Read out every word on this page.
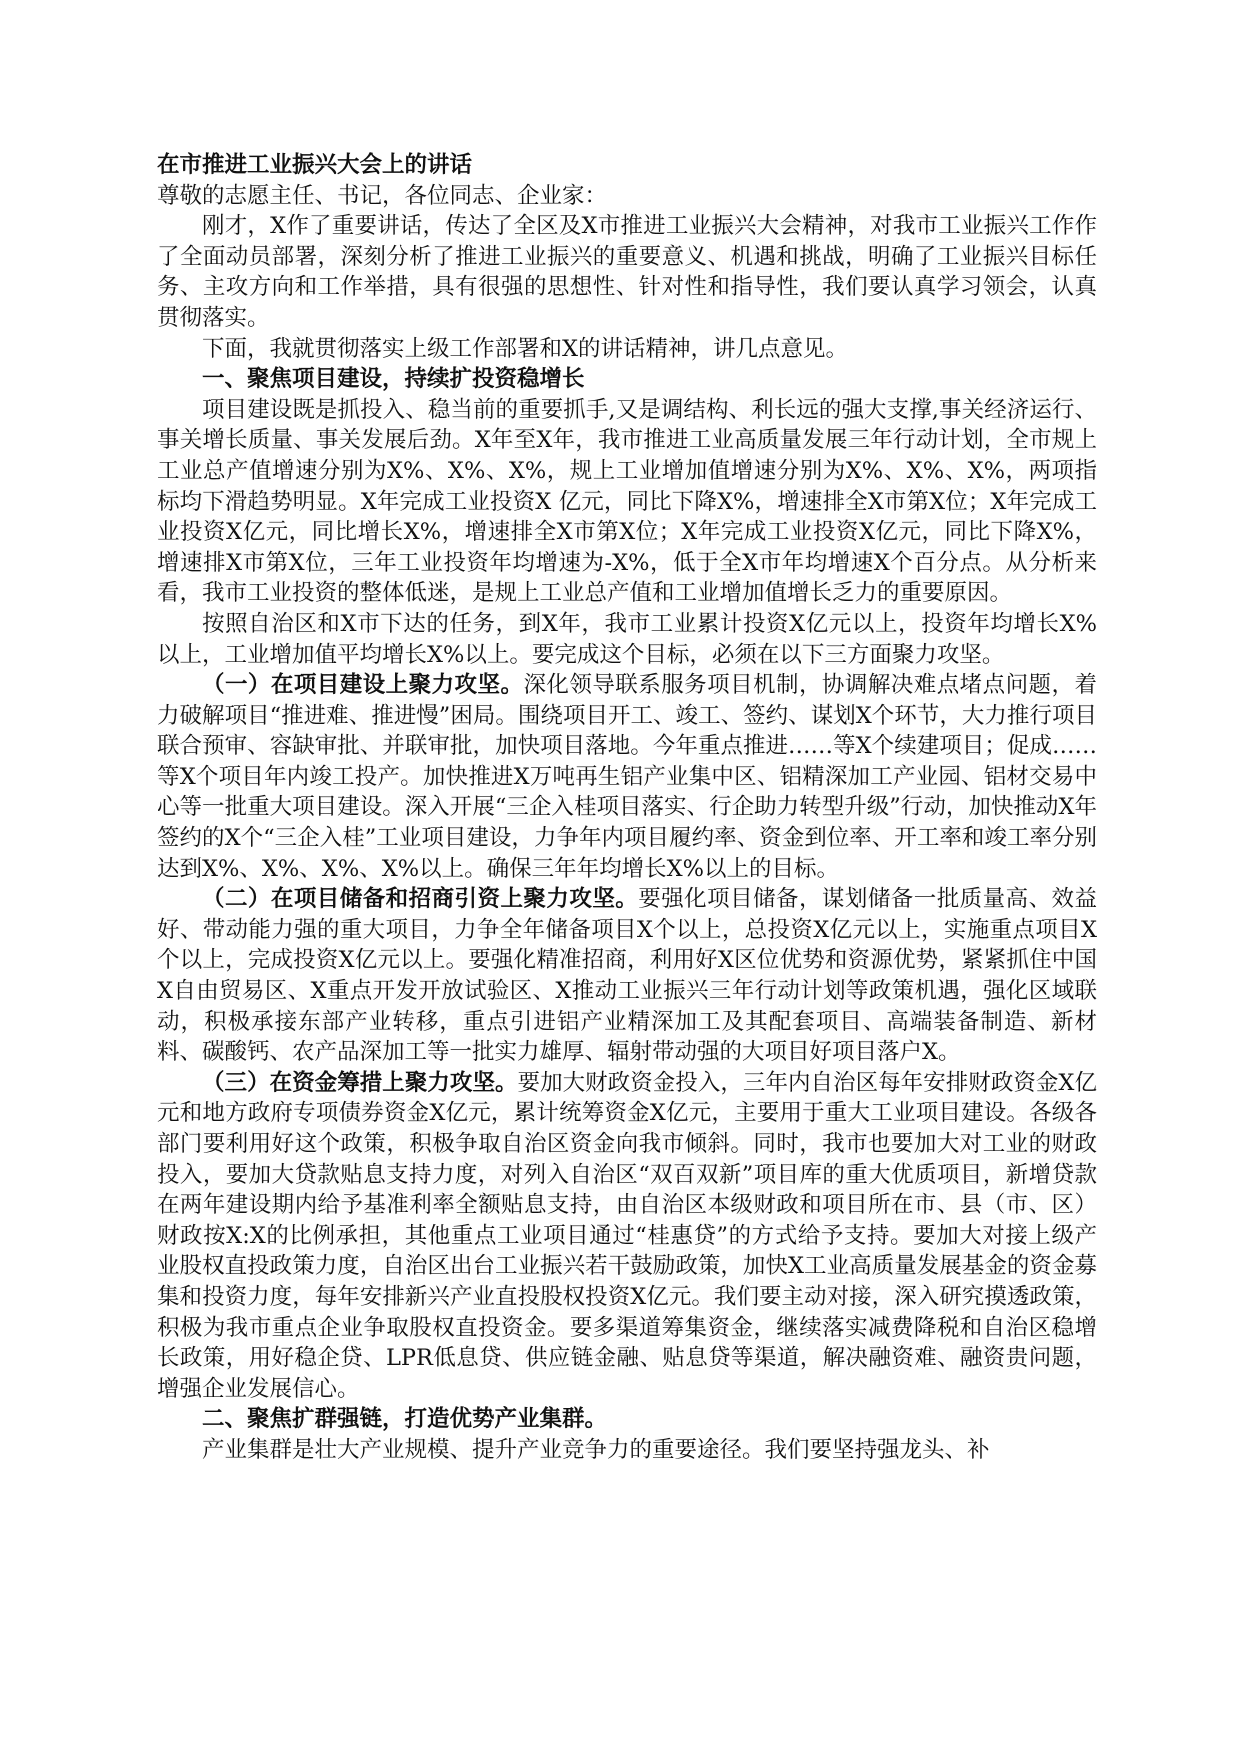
在市推进工业振兴大会上的讲话

尊敬的志愿主任、书记，各位同志、企业家：

刚才，X作了重要讲话，传达了全区及X市推进工业振兴大会精神，对我市工业振兴工作作了全面动员部署，深刻分析了推进工业振兴的重要意义、机遇和挑战，明确了工业振兴目标任务、主攻方向和工作举措，具有很强的思想性、针对性和指导性，我们要认真学习领会，认真贯彻落实。

下面，我就贯彻落实上级工作部署和X的讲话精神，讲几点意见。

一、聚焦项目建设，持续扩投资稳增长

项目建设既是抓投入、稳当前的重要抓手,又是调结构、利长远的强大支撑,事关经济运行、事关增长质量、事关发展后劲。X年至X年，我市推进工业高质量发展三年行动计划，全市规上工业总产值增速分别为X%、X%、X%，规上工业增加值增速分别为X%、X%、X%，两项指标均下滑趋势明显。X年完成工业投资X 亿元，同比下降X%，增速排全X市第X位；X年完成工业投资X亿元，同比增长X%，增速排全X市第X位；X年完成工业投资X亿元，同比下降X%，增速排X市第X位，三年工业投资年均增速为-X%，低于全X市年均增速X个百分点。从分析来看，我市工业投资的整体低迷，是规上工业总产值和工业增加值增长乏力的重要原因。

按照自治区和X市下达的任务，到X年，我市工业累计投资X亿元以上，投资年均增长X%以上，工业增加值平均增长X%以上。要完成这个目标，必须在以下三方面聚力攻坚。

（一）在项目建设上聚力攻坚。深化领导联系服务项目机制，协调解决难点堵点问题，着力破解项目“推进难、推进慢”困局。围绕项目开工、竣工、签约、谋划X个环节，大力推行项目联合预审、容缺审批、并联审批，加快项目落地。今年重点推进……等X个续建项目；促成……等X个项目年内竣工投产。加快推进X万吨再生铝产业集中区、铝精深加工产业园、铝材交易中心等一批重大项目建设。深入开展“三企入桂项目落实、行企助力转型升级”行动，加快推动X年签约的X个“三企入桂”工业项目建设，力争年内项目履约率、资金到位率、开工率和竣工率分别达到X%、X%、X%、X%以上。确保三年年均增长X%以上的目标。

（二）在项目储备和招商引资上聚力攻坚。要强化项目储备，谋划储备一批质量高、效益好、带动能力强的重大项目，力争全年储备项目X个以上，总投资X亿元以上，实施重点项目X个以上，完成投资X亿元以上。要强化精准招商，利用好X区位优势和资源优势，紧紧抓住中国X自由贸易区、X重点开发开放试验区、X推动工业振兴三年行动计划等政策机遇，强化区域联动，积极承接东部产业转移，重点引进铝产业精深加工及其配套项目、高端装备制造、新材料、碳酸钙、农产品深加工等一批实力雄厚、辐射带动强的大项目好项目落户X。

（三）在资金筹措上聚力攻坚。要加大财政资金投入，三年内自治区每年安排财政资金X亿元和地方政府专项债券资金X亿元，累计统筹资金X亿元，主要用于重大工业项目建设。各级各部门要利用好这个政策，积极争取自治区资金向我市倾斜。同时，我市也要加大对工业的财政投入，要加大贷款贴息支持力度，对列入自治区“双百双新”项目库的重大优质项目，新增贷款在两年建设期内给予基准利率全额贴息支持，由自治区本级财政和项目所在市、县（市、区）财政按X:X的比例承担，其他重点工业项目通过“桂惠贷”的方式给予支持。要加大对接上级产业股权直投政策力度，自治区出台工业振兴若干鼓励政策，加快X工业高质量发展基金的资金募集和投资力度，每年安排新兴产业直投股权投资X亿元。我们要主动对接，深入研究摸透政策，积极为我市重点企业争取股权直投资金。要多渠道筹集资金，继续落实减费降税和自治区稳增长政策，用好稳企贷、LPR低息贷、供应链金融、贴息贷等渠道，解决融资难、融资贵问题，增强企业发展信心。

二、聚焦扩群强链，打造优势产业集群。

产业集群是壮大产业规模、提升产业竞争力的重要途径。我们要坚持强龙头、补
